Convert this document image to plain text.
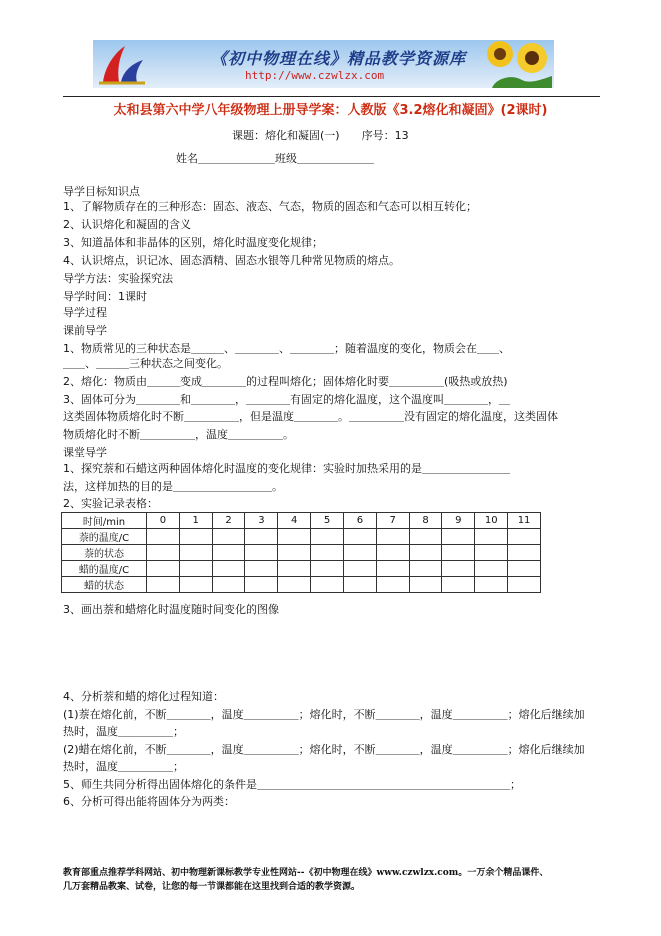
《初中物理在线》精品教学资源库
http://www.czwlzx.com
太和县第六中学八年级物理上册导学案：人教版《3.2熔化和凝固》(2课时)
课题：熔化和凝固(一)　　序号：13
姓名＿＿＿＿＿＿＿班级＿＿＿＿＿＿＿
导学目标知识点
1、了解物质存在的三种形态：固态、液态、气态，物质的固态和气态可以相互转化；
2、认识熔化和凝固的含义
3、知道晶体和非晶体的区别，熔化时温度变化规律；
4、认识熔点，识记冰、固态酒精、固态水银等几种常见物质的熔点。
导学方法：实验探究法
导学时间：1课时
导学过程
课前导学
1、物质常见的三种状态是＿＿＿、＿＿＿＿、＿＿＿＿；随着温度的变化，物质会在＿＿、
＿＿、＿＿＿三种状态之间变化。
2、熔化：物质由＿＿＿变成＿＿＿＿的过程叫熔化；固体熔化时要＿＿＿＿＿(吸热或放热)
3、固体可分为＿＿＿＿和＿＿＿＿，＿＿＿＿有固定的熔化温度，这个温度叫＿＿＿＿，＿
这类固体物质熔化时不断＿＿＿＿＿，但是温度＿＿＿＿。＿＿＿＿＿没有固定的熔化温度，这类固体
物质熔化时不断＿＿＿＿＿，温度＿＿＿＿＿。
课堂导学
1、探究萘和石蜡这两种固体熔化时温度的变化规律：实验时加热采用的是＿＿＿＿＿＿＿＿
法，这样加热的目的是＿＿＿＿＿＿＿＿＿。
2、实验记录表格：
时间/min	0	1	2	3	4	5	6	7	8	9	10	11
萘的温度/C												
萘的状态												
蜡的温度/C												
蜡的状态												
3、画出萘和蜡熔化时温度随时间变化的图像
4、分析萘和蜡的熔化过程知道：
(1)萘在熔化前，不断＿＿＿＿，温度＿＿＿＿＿；熔化时，不断＿＿＿＿，温度＿＿＿＿＿；熔化后继续加
热时，温度＿＿＿＿＿；
(2)蜡在熔化前，不断＿＿＿＿，温度＿＿＿＿＿；熔化时，不断＿＿＿＿，温度＿＿＿＿＿；熔化后继续加
热时，温度＿＿＿＿＿；
5、师生共同分析得出固体熔化的条件是＿＿＿＿＿＿＿＿＿＿＿＿＿＿＿＿＿＿＿＿＿＿＿；
6、分析可得出能将固体分为两类：
教育部重点推荐学科网站、初中物理新课标教学专业性网站--《初中物理在线》www.czwlzx.com。一万余个精品课件、
几万套精品教案、试卷，让您的每一节课都能在这里找到合适的教学资源。
